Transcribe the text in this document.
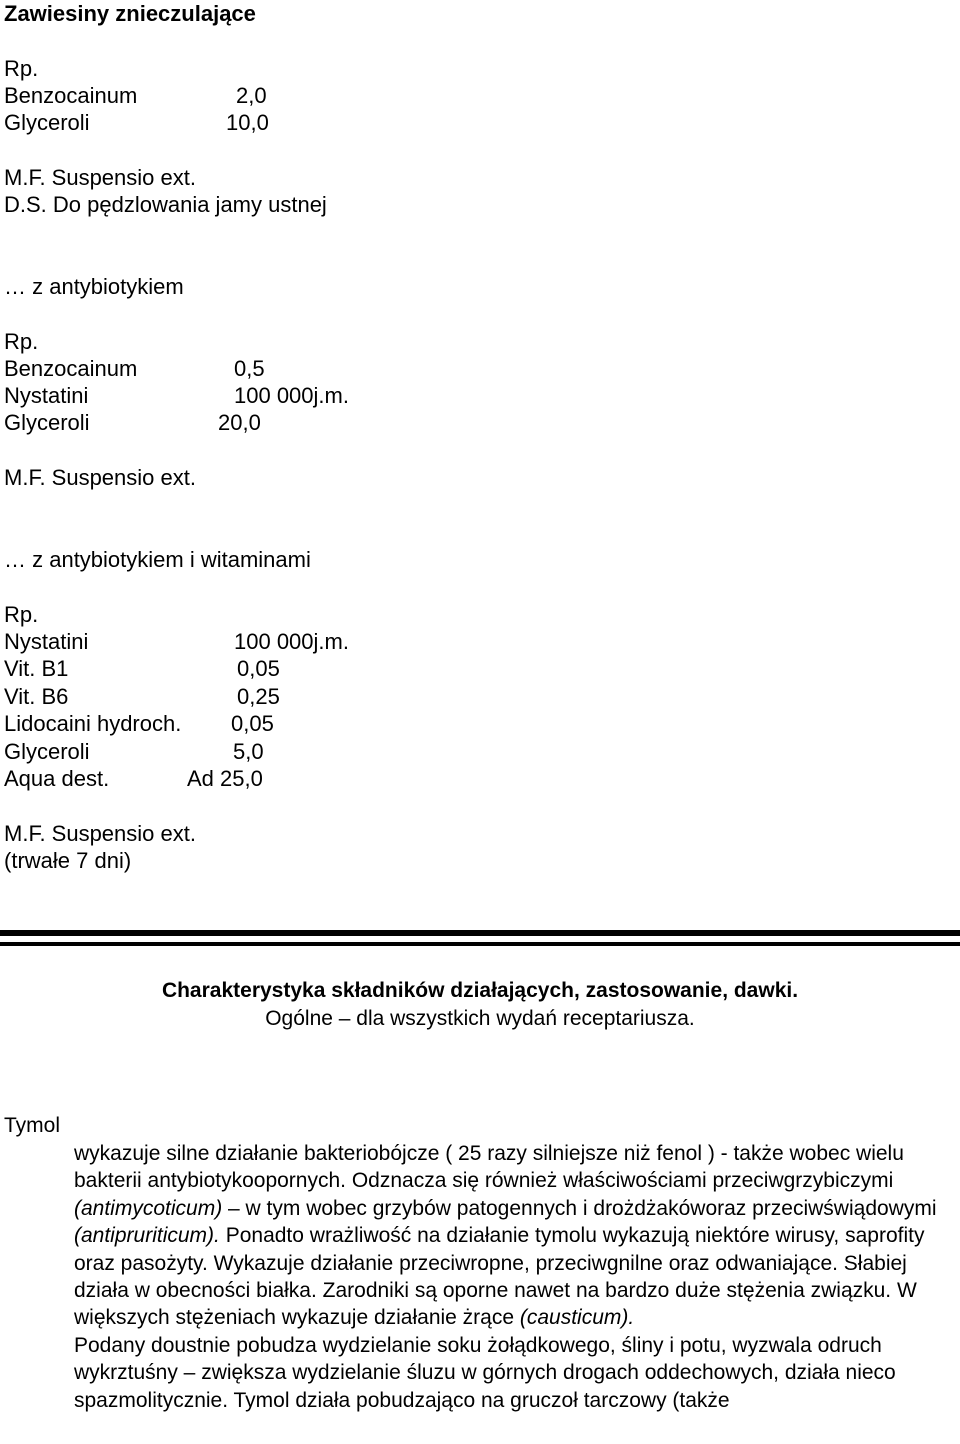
Zawiesiny znieczulające
Rp.
Benzocainum	2,0
Glyceroli	10,0
M.F. Suspensio ext.
D.S. Do pędzlowania jamy ustnej
… z antybiotykiem
Rp.
Benzocainum	0,5
Nystatini	100 000j.m.
Glyceroli	20,0
M.F. Suspensio ext.
… z antybiotykiem i witaminami
Rp.
Nystatini	100 000j.m.
Vit. B1	0,05
Vit. B6	0,25
Lidocaini hydroch. 0,05
Glyceroli	5,0
Aqua dest.	Ad 25,0
M.F. Suspensio ext.
(trwałe 7 dni)
Charakterystyka składników działających, zastosowanie, dawki.
Ogólne – dla wszystkich wydań receptariusza.
Tymol

wykazuje silne działanie bakteriobójcze ( 25 razy silniejsze niż fenol ) - także wobec wielu bakterii antybiotykoopornych. Odznacza się również właściwościami przeciwgrzybiczymi (antimycoticum) – w tym wobec grzybów patogennych i drożdżakóworaz przeciwświądowymi (antipruriticum). Ponadto wrażliwość na działanie tymolu wykazują niektóre wirusy, saprofity oraz pasożyty. Wykazuje działanie przeciwropne, przeciwgnilne oraz odwaniające. Słabiej działa w obecności białka. Zarodniki są oporne nawet na bardzo duże stężenia związku. W większych stężeniach wykazuje działanie żrące (causticum).

Podany doustnie pobudza wydzielanie soku żołądkowego, śliny i potu, wyzwala odruch wykrztuśny – zwiększa wydzielanie śluzu w górnych drogach oddechowych, działa nieco spazmolitycznie. Tymol działa pobudzająco na gruczoł tarczowy (także
